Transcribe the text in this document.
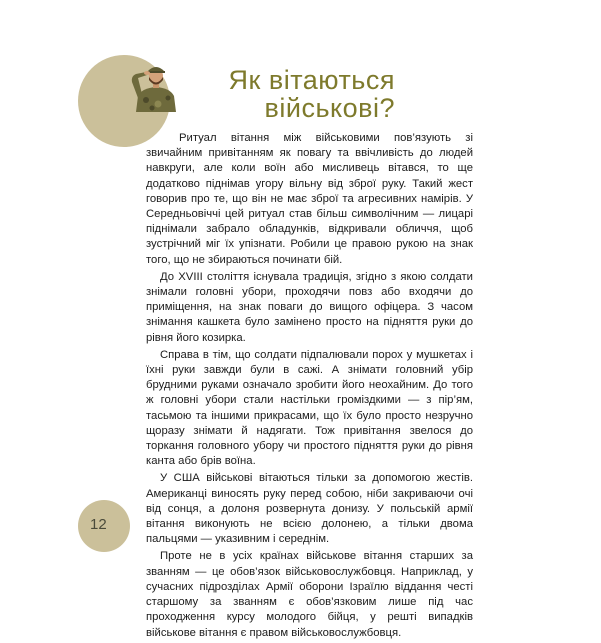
Як вітаються
військові?

Ритуал вітання між військовими пов’язують зі звичайним привітанням як повагу та ввічливість до людей навкруги, але коли воїн або мисливець вітався, то ще додатково піднімав угору вільну від зброї руку. Такий жест говорив про те, що він не має зброї та агресивних намірів. У Середньовіччі цей ритуал став більш символічним — лицарі піднімали забрало обладунків, відкривали обличчя, щоб зустрічний міг їх упізнати. Робили це правою рукою на знак того, що не збираються починати бій.

До XVIII століття існувала традиція, згідно з якою солдати знімали головні убори, проходячи повз або входячи до приміщення, на знак поваги до вищого офіцера. З часом знімання кашкета було замінено просто на підняття руки до рівня його козирка.

Справа в тім, що солдати підпалювали порох у мушкетах і їхні руки завжди були в сажі. А знімати головний убір брудними руками означало зробити його неохайним. До того ж головні убори стали настільки громіздкими — з пір’ям, тасьмою та іншими прикрасами, що їх було просто незручно щоразу знімати й надягати. Тож привітання звелося до торкання головного убору чи простого підняття руки до рівня канта або брів воїна.

У США військові вітаються тільки за допомогою жестів. Американці виносять руку перед собою, ніби закриваючи очі від сонця, а долоня розвернута донизу. У польській армії вітання виконують не всією долонею, а тільки двома пальцями — указивним і середнім.

Проте не в усіх країнах військове вітання старших за званням — це обов’язок військовослужбовця. Наприклад, у сучасних підрозділах Армії оборони Ізраїлю віддання честі старшому за званням є обов’язковим лише під час проходження курсу молодого бійця, у решті випадків військове вітання є правом військовослужбовця.

12
